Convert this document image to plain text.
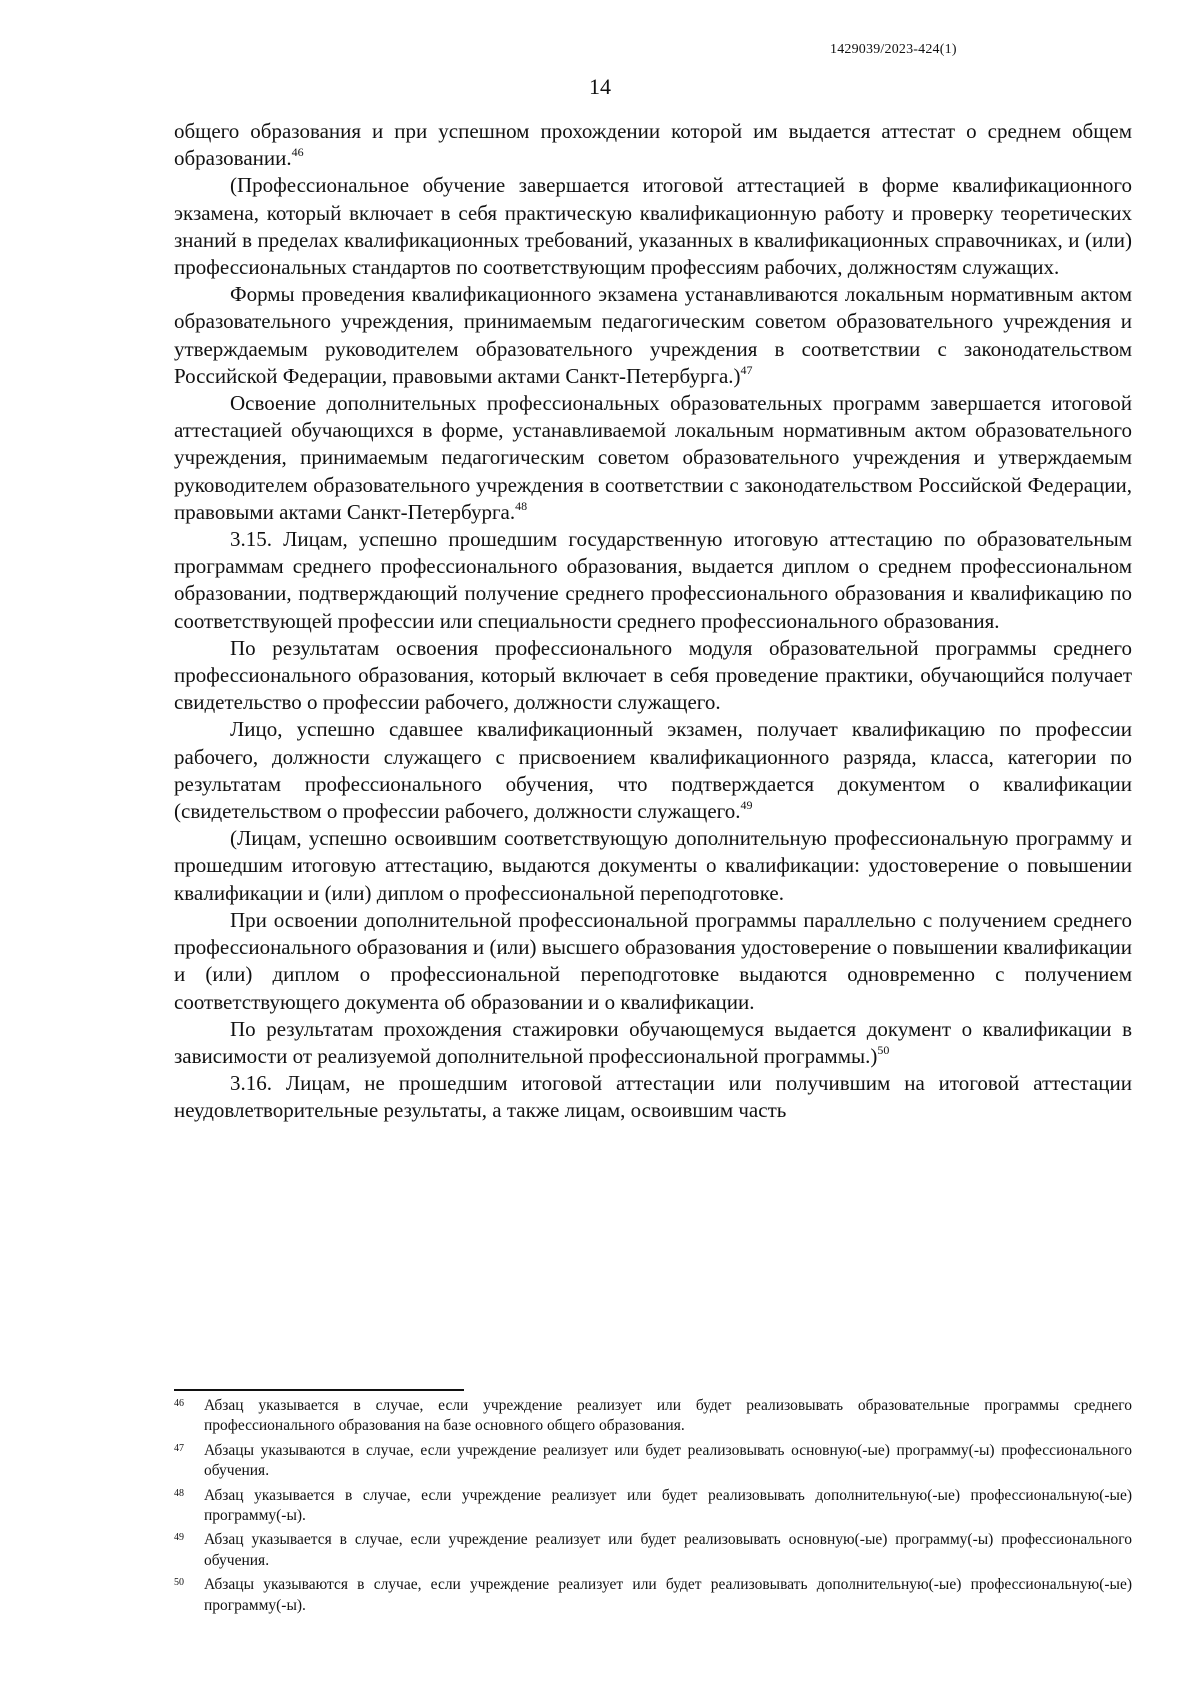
1429039/2023-424(1)
14

общего образования и при успешном прохождении которой им выдается аттестат о среднем общем образовании.$^{46}$

(Профессиональное обучение завершается итоговой аттестацией в форме квалификационного экзамена, который включает в себя практическую квалификационную работу и проверку теоретических знаний в пределах квалификационных требований, указанных в квалификационных справочниках, и (или) профессиональных стандартов по соответствующим профессиям рабочих, должностям служащих.

Формы проведения квалификационного экзамена устанавливаются локальным нормативным актом образовательного учреждения, принимаемым педагогическим советом образовательного учреждения и утверждаемым руководителем образовательного учреждения в соответствии с законодательством Российской Федерации, правовыми актами Санкт-Петербурга.)$^{47}$

Освоение дополнительных профессиональных образовательных программ завершается итоговой аттестацией обучающихся в форме, устанавливаемой локальным нормативным актом образовательного учреждения, принимаемым педагогическим советом образовательного учреждения и утверждаемым руководителем образовательного учреждения в соответствии с законодательством Российской Федерации, правовыми актами Санкт-Петербурга.$^{48}$

3.15. Лицам, успешно прошедшим государственную итоговую аттестацию по образовательным программам среднего профессионального образования, выдается диплом о среднем профессиональном образовании, подтверждающий получение среднего профессионального образования и квалификацию по соответствующей профессии или специальности среднего профессионального образования.

По результатам освоения профессионального модуля образовательной программы среднего профессионального образования, который включает в себя проведение практики, обучающийся получает свидетельство о профессии рабочего, должности служащего.

Лицо, успешно сдавшее квалификационный экзамен, получает квалификацию по профессии рабочего, должности служащего с присвоением квалификационного разряда, класса, категории по результатам профессионального обучения, что подтверждается документом о квалификации (свидетельством о профессии рабочего, должности служащего.$^{49}$

(Лицам, успешно освоившим соответствующую дополнительную профессиональную программу и прошедшим итоговую аттестацию, выдаются документы о квалификации: удостоверение о повышении квалификации и (или) диплом о профессиональной переподготовке.

При освоении дополнительной профессиональной программы параллельно с получением среднего профессионального образования и (или) высшего образования удостоверение о повышении квалификации и (или) диплом о профессиональной переподготовке выдаются одновременно с получением соответствующего документа об образовании и о квалификации.

По результатам прохождения стажировки обучающемуся выдается документ о квалификации в зависимости от реализуемой дополнительной профессиональной программы.)$^{50}$

3.16. Лицам, не прошедшим итоговой аттестации или получившим на итоговой аттестации неудовлетворительные результаты, а также лицам, освоившим часть

46 Абзац указывается в случае, если учреждение реализует или будет реализовывать образовательные программы среднего профессионального образования на базе основного общего образования.
47 Абзацы указываются в случае, если учреждение реализует или будет реализовывать основную(-ые) программу(-ы) профессионального обучения.
48 Абзац указывается в случае, если учреждение реализует или будет реализовывать дополнительную(-ые) профессиональную(-ые) программу(-ы).
49 Абзац указывается в случае, если учреждение реализует или будет реализовывать основную(-ые) программу(-ы) профессионального обучения.
50 Абзацы указываются в случае, если учреждение реализует или будет реализовывать дополнительную(-ые) профессиональную(-ые) программу(-ы).
